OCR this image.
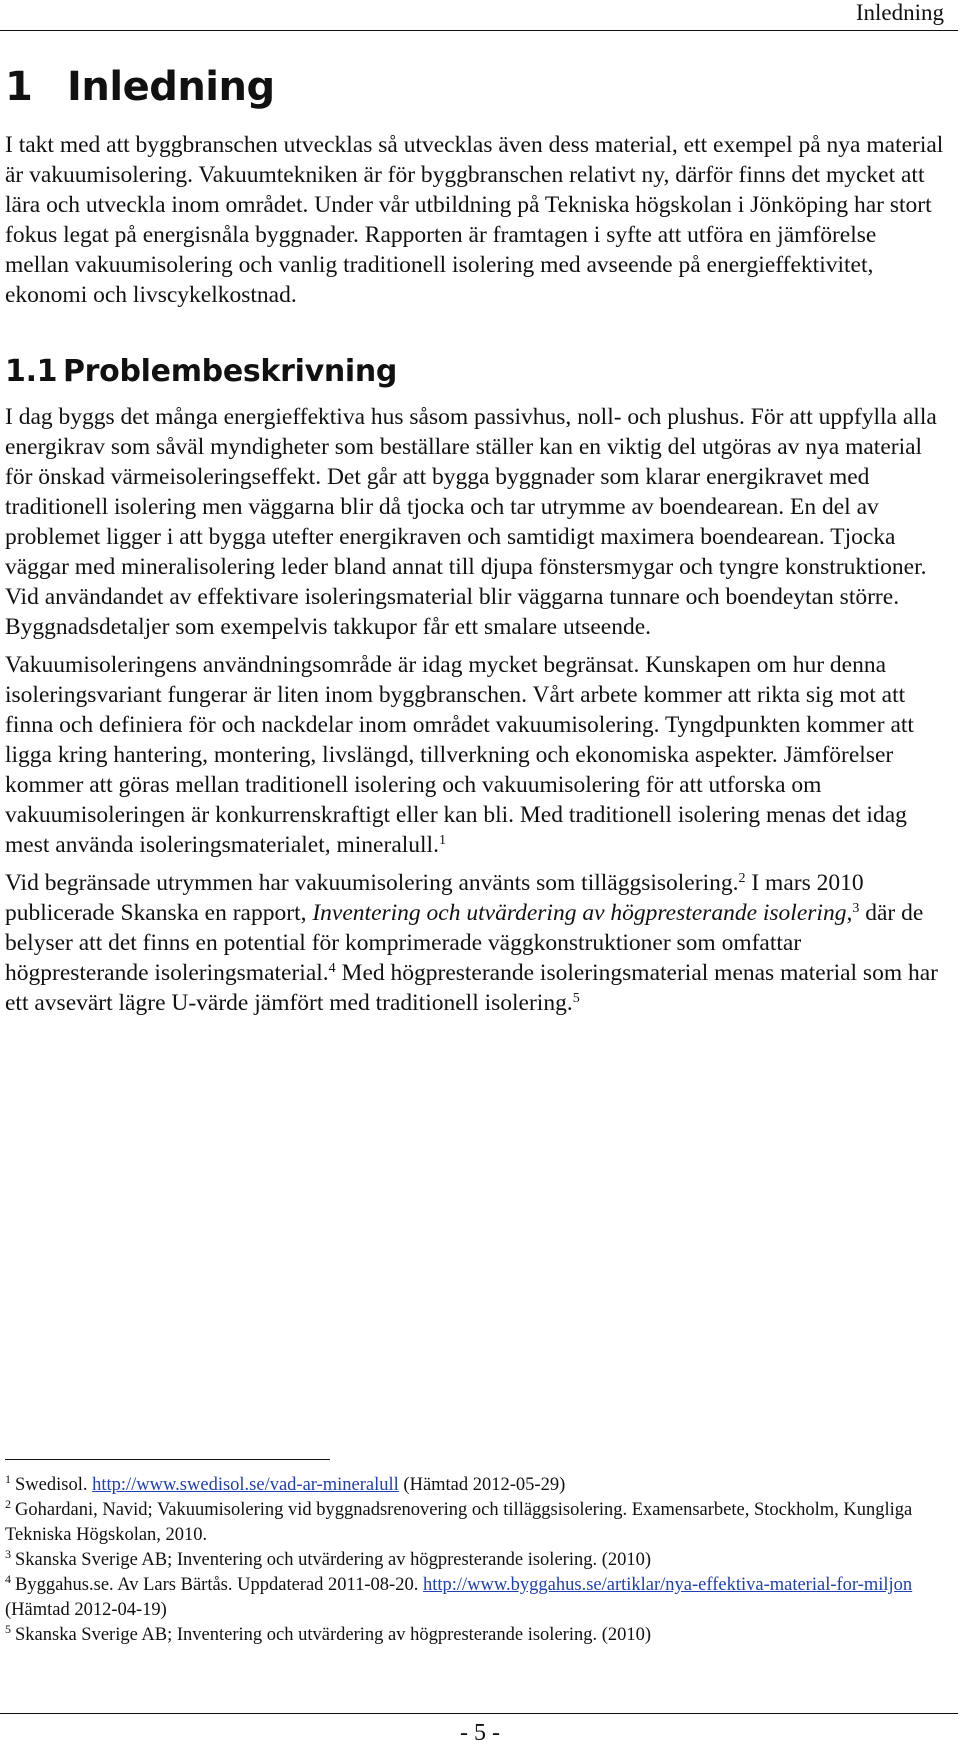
Inledning
1 Inledning

I takt med att byggbranschen utvecklas så utvecklas även dess material, ett exempel på nya material är vakuumisolering. Vakuumtekniken är för byggbranschen relativt ny, därför finns det mycket att lära och utveckla inom området. Under vår utbildning på Tekniska högskolan i Jönköping har stort fokus legat på energisnåla byggnader. Rapporten är framtagen i syfte att utföra en jämförelse mellan vakuumisolering och vanlig traditionell isolering med avseende på energieffektivitet, ekonomi och livscykelkostnad.

1.1 Problembeskrivning

I dag byggs det många energieffektiva hus såsom passivhus, noll- och plushus. För att uppfylla alla energikrav som såväl myndigheter som beställare ställer kan en viktig del utgöras av nya material för önskad värmeisoleringseffekt. Det går att bygga byggnader som klarar energikravet med traditionell isolering men väggarna blir då tjocka och tar utrymme av boendearean. En del av problemet ligger i att bygga utefter energikraven och samtidigt maximera boendearean. Tjocka väggar med mineralisolering leder bland annat till djupa fönstersmygar och tyngre konstruktioner. Vid användandet av effektivare isoleringsmaterial blir väggarna tunnare och boendeytan större. Byggnadsdetaljer som exempelvis takkupor får ett smalare utseende.

Vakuumisoleringens användningsområde är idag mycket begränsat. Kunskapen om hur denna isoleringsvariant fungerar är liten inom byggbranschen. Vårt arbete kommer att rikta sig mot att finna och definiera för och nackdelar inom området vakuumisolering. Tyngdpunkten kommer att ligga kring hantering, montering, livslängd, tillverkning och ekonomiska aspekter. Jämförelser kommer att göras mellan traditionell isolering och vakuumisolering för att utforska om vakuumisoleringen är konkurrenskraftigt eller kan bli. Med traditionell isolering menas det idag mest använda isoleringsmaterialet, mineralull.$^1$

Vid begränsade utrymmen har vakuumisolering använts som tilläggsisolering.$^2$ I mars 2010 publicerade Skanska en rapport, Inventering och utvärdering av högpresterande isolering,$^3$ där de belyser att det finns en potential för komprimerade väggkonstruktioner som omfattar högpresterande isoleringsmaterial.$^4$ Med högpresterande isoleringsmaterial menas material som har ett avsevärt lägre U-värde jämfört med traditionell isolering.$^5$

$^1$ Swedisol. http://www.swedisol.se/vad-ar-mineralull (Hämtad 2012-05-29)
$^2$ Gohardani, Navid; Vakuumisolering vid byggnadsrenovering och tilläggsisolering. Examensarbete, Stockholm, Kungliga Tekniska Högskolan, 2010.
$^3$ Skanska Sverige AB; Inventering och utvärdering av högpresterande isolering. (2010)
$^4$ Byggahus.se. Av Lars Bärtås. Uppdaterad 2011-08-20. http://www.byggahus.se/artiklar/nya-effektiva-material-for-miljon (Hämtad 2012-04-19)
$^5$ Skanska Sverige AB; Inventering och utvärdering av högpresterande isolering. (2010)
- 5 -
